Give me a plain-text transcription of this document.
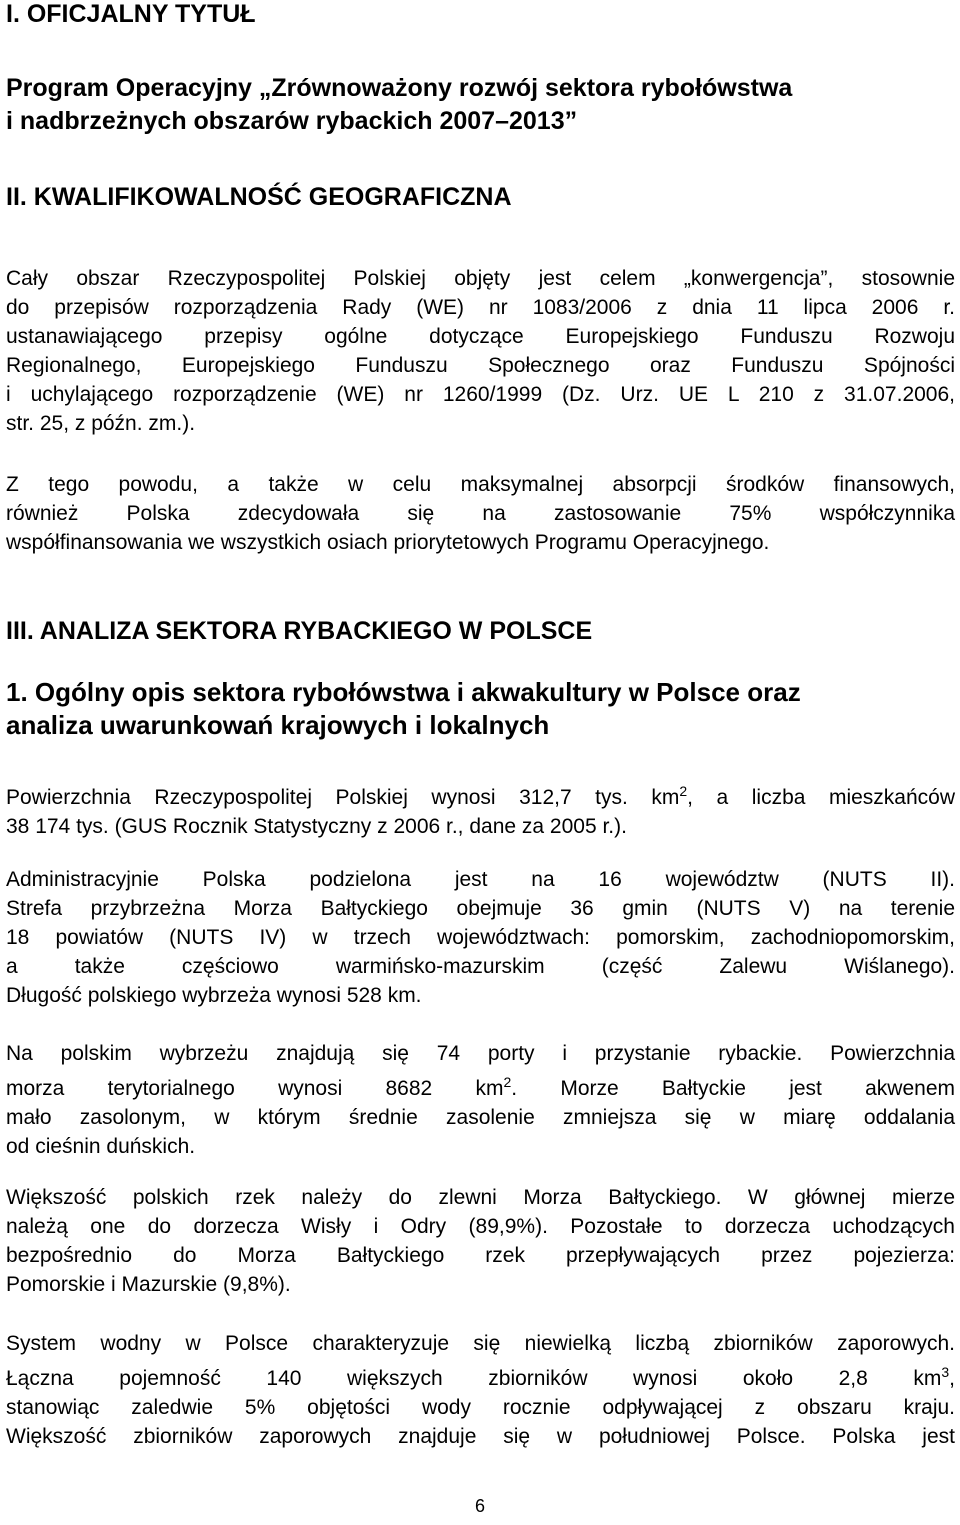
I. OFICJALNY TYTUŁ
Program Operacyjny „Zrównoważony rozwój sektora rybołówstwa
i nadbrzeżnych obszarów rybackich 2007–2013”
II. KWALIFIKOWALNOŚĆ GEOGRAFICZNA
Cały obszar Rzeczypospolitej Polskiej objęty jest celem „konwergencja”, stosownie
do przepisów rozporządzenia Rady (WE) nr 1083/2006 z dnia 11 lipca 2006 r.
ustanawiającego przepisy ogólne dotyczące Europejskiego Funduszu Rozwoju
Regionalnego, Europejskiego Funduszu Społecznego oraz Funduszu Spójności
i uchylającego rozporządzenie (WE) nr 1260/1999 (Dz. Urz. UE L 210 z 31.07.2006,
str. 25, z późn. zm.).
Z tego powodu, a także w celu maksymalnej absorpcji środków finansowych,
również Polska zdecydowała się na zastosowanie 75% współczynnika
współfinansowania we wszystkich osiach priorytetowych Programu Operacyjnego.
III. ANALIZA SEKTORA RYBACKIEGO W POLSCE
1. Ogólny opis sektora rybołówstwa i akwakultury w Polsce oraz
analiza uwarunkowań krajowych i lokalnych
Powierzchnia Rzeczypospolitej Polskiej wynosi 312,7 tys. $km^2$, a liczba mieszkańców
38 174 tys. (GUS Rocznik Statystyczny z 2006 r., dane za 2005 r.).
Administracyjnie Polska podzielona jest na 16 województw (NUTS II).
Strefa przybrzeżna Morza Bałtyckiego obejmuje 36 gmin (NUTS V) na terenie
18 powiatów (NUTS IV) w trzech województwach: pomorskim, zachodniopomorskim,
a także częściowo warmińsko-mazurskim (część Zalewu Wiślanego).
Długość polskiego wybrzeża wynosi 528 km.
Na polskim wybrzeżu znajdują się 74 porty i przystanie rybackie. Powierzchnia
morza terytorialnego wynosi 8682 $km^2$. Morze Bałtyckie jest akwenem
mało zasolonym, w którym średnie zasolenie zmniejsza się w miarę oddalania
od cieśnin duńskich.
Większość polskich rzek należy do zlewni Morza Bałtyckiego. W głównej mierze
należą one do dorzecza Wisły i Odry (89,9%). Pozostałe to dorzecza uchodzących
bezpośrednio do Morza Bałtyckiego rzek przepływających przez pojezierza:
Pomorskie i Mazurskie (9,8%).
System wodny w Polsce charakteryzuje się niewielką liczbą zbiorników zaporowych.
Łączna pojemność 140 większych zbiorników wynosi około 2,8 $km^3$,
stanowiąc zaledwie 5% objętości wody rocznie odpływającej z obszaru kraju.
Większość zbiorników zaporowych znajduje się w południowej Polsce. Polska jest
6
